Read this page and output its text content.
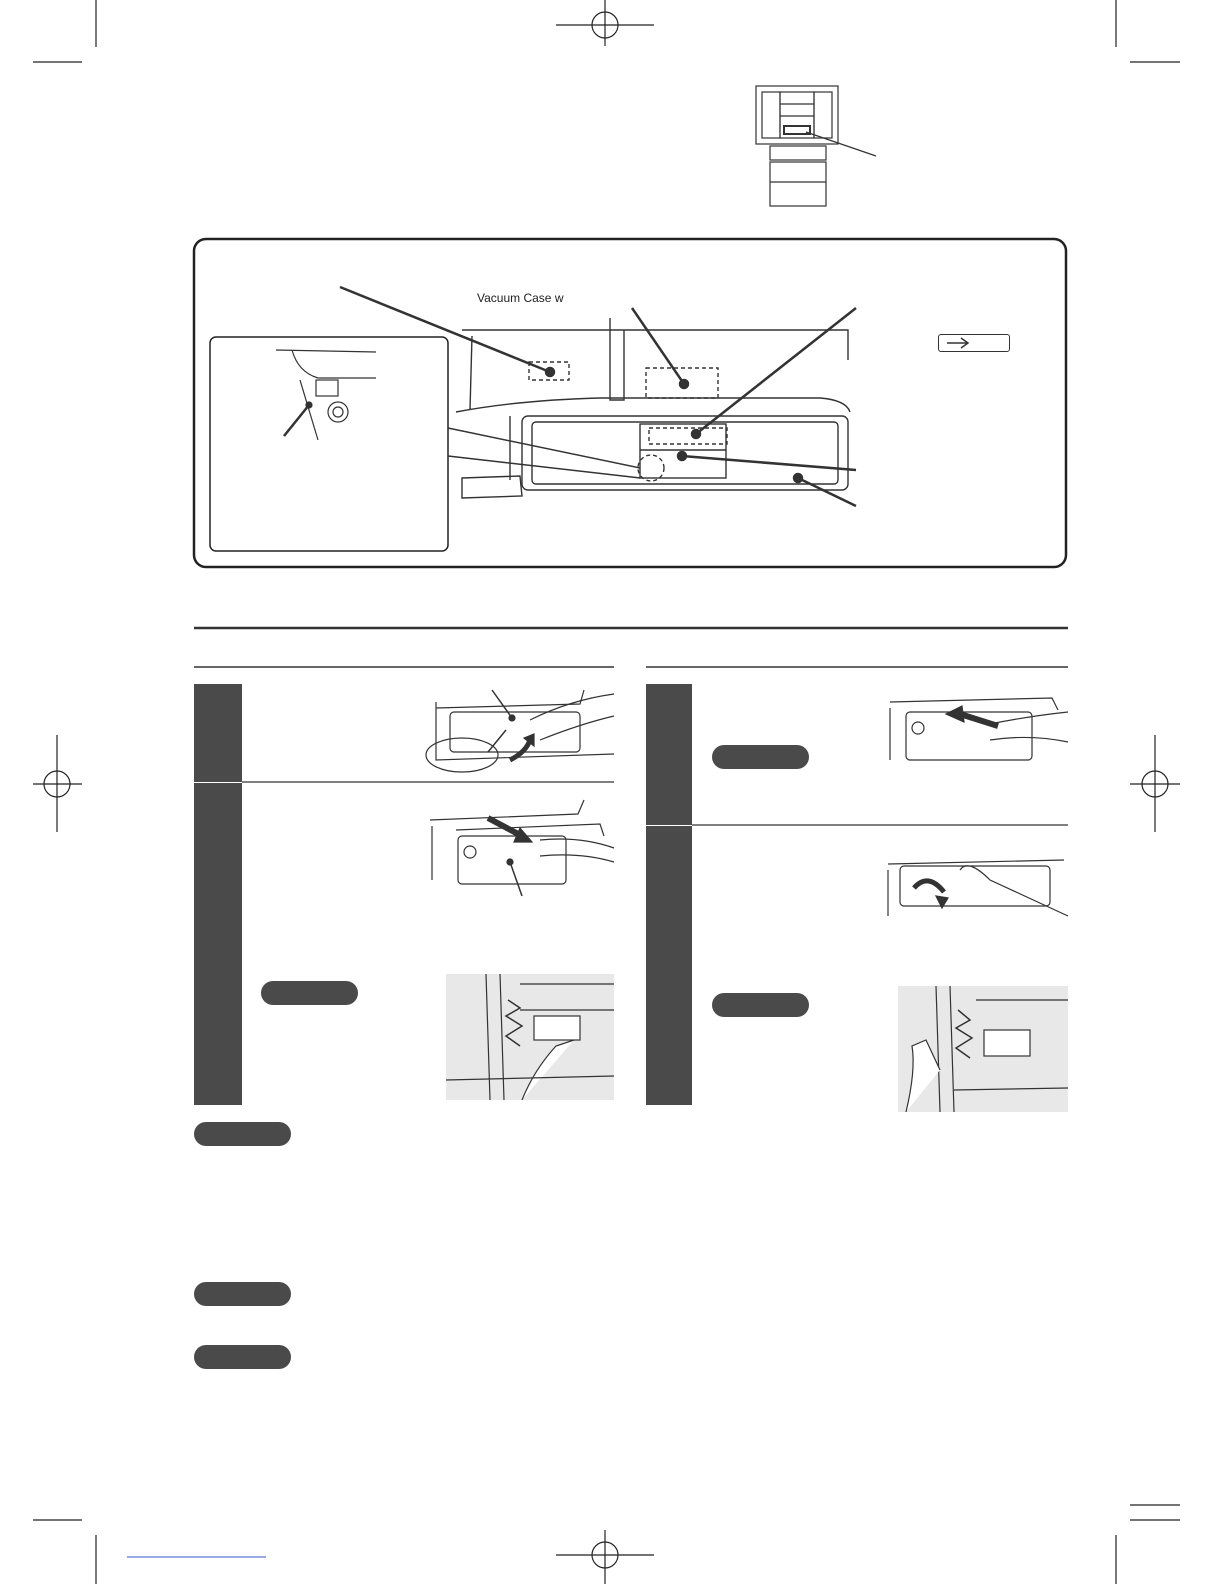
Vacuum Case w
